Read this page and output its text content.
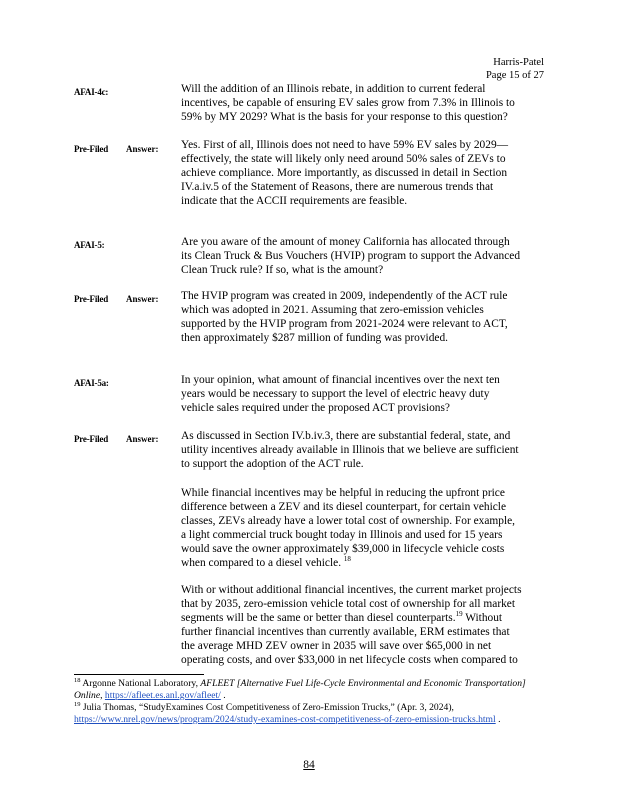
Harris-Patel
Page 15 of 27
AFAI-4c:	Will the addition of an Illinois rebate, in addition to current federal

incentives, be capable of ensuring EV sales grow from 7.3% in Illinois to

59% by MY 2029? What is the basis for your response to this question?

Pre-Filed Answer: Yes. First of all, Illinois does not need to have 59% EV sales by 2029—

effectively, the state will likely only need around 50% sales of ZEVs to

achieve compliance. More importantly, as discussed in detail in Section

IV.a.iv.5 of the Statement of Reasons, there are numerous trends that

indicate that the ACCII requirements are feasible.

AFAI-5:	Are you aware of the amount of money California has allocated through

its Clean Truck & Bus Vouchers (HVIP) program to support the Advanced

Clean Truck rule? If so, what is the amount?

Pre-Filed Answer: The HVIP program was created in 2009, independently of the ACT rule

which was adopted in 2021. Assuming that zero-emission vehicles

supported by the HVIP program from 2021-2024 were relevant to ACT,

then approximately $287 million of funding was provided.

AFAI-5a:	In your opinion, what amount of financial incentives over the next ten

years would be necessary to support the level of electric heavy duty

vehicle sales required under the proposed ACT provisions?

Pre-Filed Answer: As discussed in Section IV.b.iv.3, there are substantial federal, state, and

utility incentives already available in Illinois that we believe are sufficient

to support the adoption of the ACT rule.

While financial incentives may be helpful in reducing the upfront price

difference between a ZEV and its diesel counterpart, for certain vehicle

classes, ZEVs already have a lower total cost of ownership. For example,

a light commercial truck bought today in Illinois and used for 15 years

would save the owner approximately $39,000 in lifecycle vehicle costs

when compared to a diesel vehicle. $^{18}$

With or without additional financial incentives, the current market projects

that by 2035, zero-emission vehicle total cost of ownership for all market

segments will be the same or better than diesel counterparts.$^{19}$ Without

further financial incentives than currently available, ERM estimates that

the average MHD ZEV owner in 2035 will save over $65,000 in net

operating costs, and over $33,000 in net lifecycle costs when compared to

$^{18}$ Argonne National Laboratory, AFLEET [Alternative Fuel Life-Cycle Environmental and Economic Transportation] Online, https://afleet.es.anl.gov/afleet/ .
$^{19}$ Julia Thomas, “StudyExamines Cost Competitiveness of Zero-Emission Trucks,” (Apr. 3, 2024),
https://www.nrel.gov/news/program/2024/study-examines-cost-competitiveness-of-zero-emission-trucks.html .
84
